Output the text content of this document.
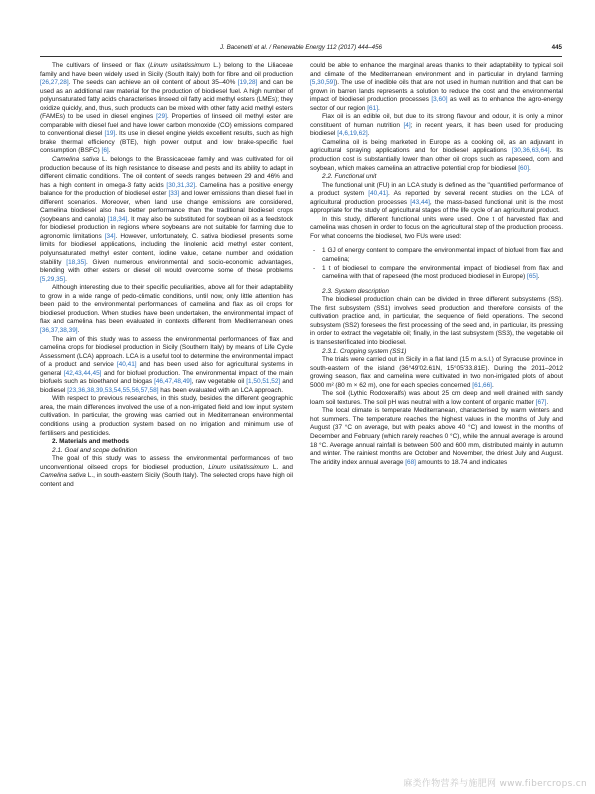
J. Bacenetti et al. / Renewable Energy 112 (2017) 444–456	445

The cultivars of linseed or flax (Linum usitatissimum L.) belong to the Liliaceae family and have been widely used in Sicily (South Italy) both for fibre and oil production [26,27,28]. The seeds can achieve an oil content of about 35–40% [19,28] and can be used as an additional raw material for the production of biodiesel fuel. A high number of polyunsaturated fatty acids characterises linseed oil fatty acid methyl esters (LMEs); they oxidize quickly, and, thus, such products can be mixed with other fatty acid methyl esters (FAMEs) to be used in diesel engines [29]. Properties of linseed oil methyl ester are comparable with diesel fuel and have lower carbon monoxide (CO) emissions compared to conventional diesel [19]. Its use in diesel engine yields excellent results, such as high brake thermal efficiency (BTE), high power output and low brake-specific fuel consumption (BSFC) [6].

Camelina sativa L. belongs to the Brassicaceae family and was cultivated for oil production because of its high resistance to disease and pests and its ability to adapt in different climatic conditions. The oil content of seeds ranges between 29 and 46% and has a high content in omega-3 fatty acids [30,31,32]. Camelina has a positive energy balance for the production of biodiesel ester [33] and lower emissions than diesel fuel in different scenarios. Moreover, when land use change emissions are considered, Camelina biodiesel also has better performance than the traditional biodiesel crops (soybeans and canola) [18,34]. It may also be substituted for soybean oil as a feedstock for biodiesel production in regions where soybeans are not suitable for farming due to agronomic limitations [34]. However, unfortunately, C. sativa biodiesel presents some limits for biodiesel applications, including the linolenic acid methyl ester content, polyunsaturated methyl ester content, iodine value, cetane number and oxidation stability [18,35]. Given numerous environmental and socio-economic advantages, blending with other esters or diesel oil would overcome some of these problems [5,29,35].

Although interesting due to their specific peculiarities, above all for their adaptability to grow in a wide range of pedo-climatic conditions, until now, only little attention has been paid to the environmental performances of camelina and flax as oil crops for biodiesel production. When studies have been undertaken, the environmental impact of flax and camelina has been evaluated in contexts different from Mediterranean ones [36,37,38,39].

The aim of this study was to assess the environmental performances of flax and camelina crops for biodiesel production in Sicily (Southern Italy) by means of Life Cycle Assessment (LCA) approach. LCA is a useful tool to determine the environmental impact of a product and service [40,41] and has been used also for agricultural systems in general [42,43,44,45] and for biofuel production. The environmental impact of the main biofuels such as bioethanol and biogas [46,47,48,49], raw vegetable oil [1,50,51,52] and biodiesel [23,36,38,39,53,54,55,56,57,58] has been evaluated with an LCA approach.

With respect to previous researches, in this study, besides the different geographic area, the main differences involved the use of a non-irrigated field and low input system cultivation. In particular, the growing was carried out in Mediterranean environmental conditions using a production system based on no irrigation and minimum use of fertilisers and pesticides.

2. Materials and methods

2.1. Goal and scope definition

The goal of this study was to assess the environmental performances of two unconventional oilseed crops for biodiesel production, Linum usitatissimum L. and Camelina sativa L., in south-eastern Sicily (South Italy). The selected crops have high oil content and

could be able to enhance the marginal areas thanks to their adaptability to typical soil and climate of the Mediterranean environment and in particular in dryland farming [5,30,59]). The use of inedible oils that are not used in human nutrition and that can be grown in barren lands represents a solution to reduce the cost and the environmental impact of biodiesel production processes [3,60] as well as to enhance the agro-energy sector of our region [61].

Flax oil is an edible oil, but due to its strong flavour and odour, it is only a minor constituent of human nutrition [4]; in recent years, it has been used for producing biodiesel [4,6,19,62].

Camelina oil is being marketed in Europe as a cooking oil, as an adjuvant in agricultural spraying applications and for biodiesel applications [30,36,63,64]. Its production cost is substantially lower than other oil crops such as rapeseed, corn and soybean, which makes camelina an attractive potential crop for biodiesel [60].

2.2. Functional unit

The functional unit (FU) in an LCA study is defined as the "quantified performance of a product system [40,41]. As reported by several recent studies on the LCA of agricultural production processes [43,44], the mass-based functional unit is the most appropriate for the study of agricultural stages of the life cycle of an agricultural product.

In this study, different functional units were used. One t of harvested flax and camelina was chosen in order to focus on the agricultural step of the production process. For what concerns the biodiesel, two FUs were used:

- 1 GJ of energy content to compare the environmental impact of biofuel from flax and camelina;
- 1 t of biodiesel to compare the environmental impact of biodiesel from flax and camelina with that of rapeseed (the most produced biodiesel in Europe) [65].

2.3. System description

The biodiesel production chain can be divided in three different subsystems (SS). The first subsystem (SS1) involves seed production and therefore consists of the cultivation practice and, in particular, the sequence of field operations. The second subsystem (SS2) foresees the first processing of the seed and, in particular, its pressing in order to extract the vegetable oil; finally, in the last subsystem (SS3), the vegetable oil is transesterificated into biodiesel.

2.3.1. Cropping system (SS1)

The trials were carried out in Sicily in a flat land (15 m a.s.l.) of Syracuse province in south-eastern of the island (36°49'02.61N, 15°05'33.81E). During the 2011–2012 growing season, flax and camelina were cultivated in two non-irrigated plots of about 5000 m² (80 m × 62 m), one for each species concerned [61,66].

The soil (Lythic Rodoxeralfs) was about 25 cm deep and well drained with sandy loam soil textures. The soil pH was neutral with a low content of organic matter [67].

The local climate is temperate Mediterranean, characterised by warm winters and hot summers. The temperature reaches the highest values in the months of July and August (37 °C on average, but with peaks above 40 °C) and lowest in the months of December and February (which rarely reaches 0 °C), while the annual average is around 18 °C. Average annual rainfall is between 500 and 600 mm, distributed mainly in autumn and winter. The rainiest months are October and November, the driest July and August. The aridity index annual average [68] amounts to 18.74 and indicates

麻类作物营养与施肥网 www.fibercrops.cn
